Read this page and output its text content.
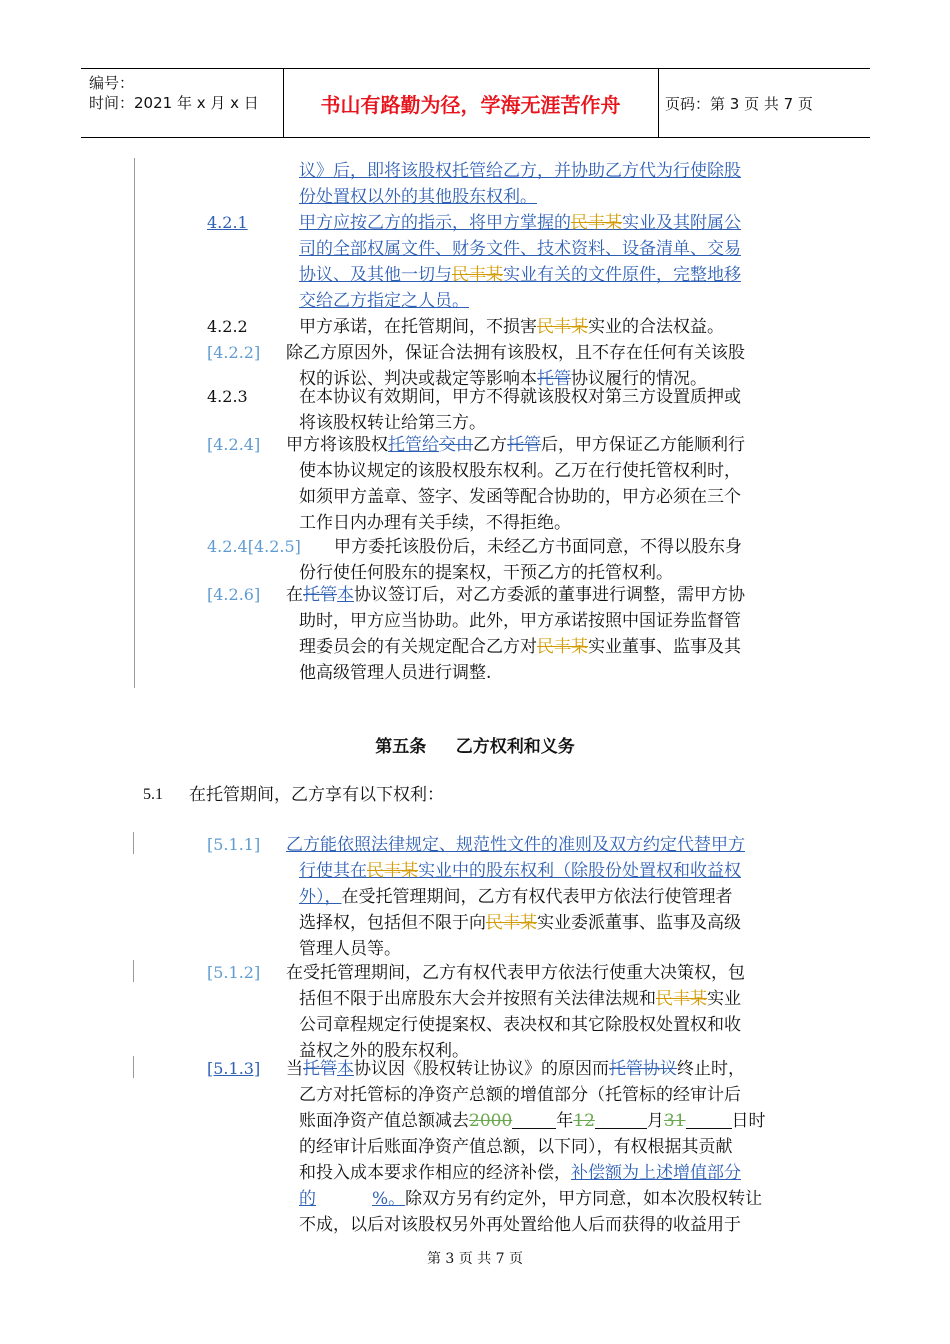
编号：
时间：2021 年 x 月 x 日	书山有路勤为径，学海无涯苦作舟	页码：第 3 页 共 7 页
议》后，即将该股权托管给乙方，并协助乙方代为行使除股
份处置权以外的其他股东权利。
4.2.1	甲方应按乙方的指示，将甲方掌握的民丰某实业及其附属公
司的全部权属文件、财务文件、技术资料、设备清单、交易
协议、及其他一切与民丰某实业有关的文件原件，完整地移
交给乙方指定之人员。
4.2.2	甲方承诺，在托管期间，不损害民丰某实业的合法权益。
[4.2.2] 除乙方原因外，保证合法拥有该股权，且不存在任何有关该股
权的诉讼、判决或裁定等影响本托管协议履行的情况。
4.2.3	在本协议有效期间，甲方不得就该股权对第三方设置质押或
将该股权转让给第三方。
[4.2.4] 甲方将该股权托管给交由乙方托管后，甲方保证乙方能顺利行
使本协议规定的该股权股东权利。乙万在行使托管权利时，
如须甲方盖章、签字、发函等配合协助的，甲方必须在三个
工作日内办理有关手续，不得拒绝。
4.2.4[4.2.5] 甲方委托该股份后，未经乙方书面同意，不得以股东身
份行使任何股东的提案权，干预乙方的托管权利。
[4.2.6] 在托管本协议签订后，对乙方委派的董事进行调整，需甲方协
助时，甲方应当协助。此外，甲方承诺按照中国证券监督管
理委员会的有关规定配合乙方对民丰某实业董事、监事及其
他高级管理人员进行调整.
第五条     乙方权利和义务
5.1 在托管期间，乙方享有以下权利：
[5.1.1] 乙方能依照法律规定、规范性文件的准则及双方约定代替甲方
行使其在民丰某实业中的股东权利（除股份处置权和收益权
外），在受托管理期间，乙方有权代表甲方依法行使管理者
选择权，包括但不限于向民丰某实业委派董事、监事及高级
管理人员等。
[5.1.2] 在受托管理期间，乙方有权代表甲方依法行使重大决策权，包
括但不限于出席股东大会并按照有关法律法规和民丰某实业
公司章程规定行使提案权、表决权和其它除股权处置权和收
益权之外的股东权利。
[5.1.3] 当托管本协议因《股权转让协议》的原因而托管协议终止时，
乙方对托管标的净资产总额的增值部分（托管标的经审计后
账面净资产值总额减去2000	年12	月31	日时
的经审计后账面净资产值总额，以下同），有权根据其贡献
和投入成本要求作相应的经济补偿，补偿额为上述增值部分
的	%。除双方另有约定外，甲方同意，如本次股权转让
不成，以后对该股权另外再处置给他人后而获得的收益用于
第 3 页 共 7 页
